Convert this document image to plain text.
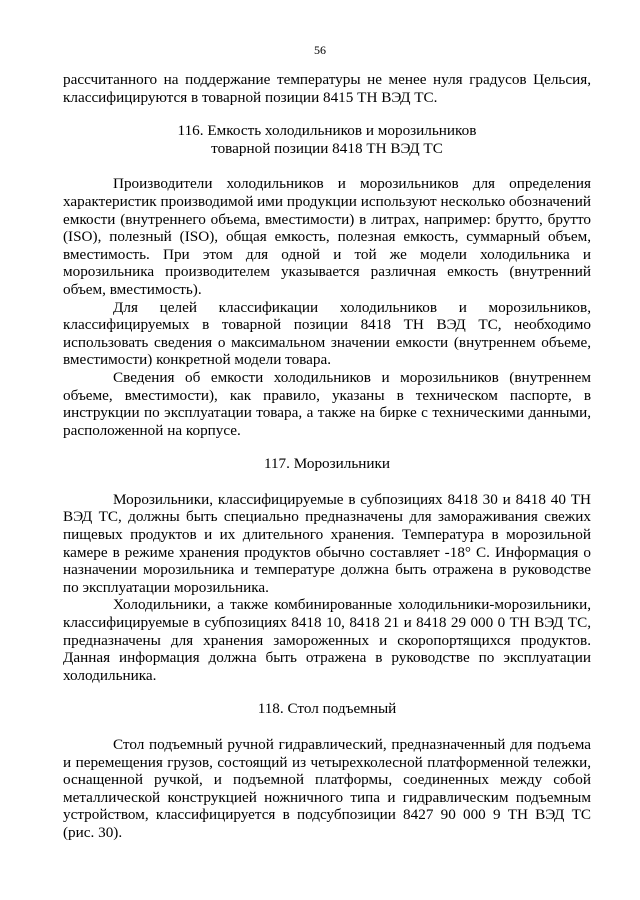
56

рассчитанного на поддержание температуры не менее нуля градусов Цельсия, классифицируются в товарной позиции 8415 ТН ВЭД ТС.

116. Емкость холодильников и морозильников

товарной позиции 8418 ТН ВЭД ТС

Производители холодильников и морозильников для определения характеристик производимой ими продукции используют несколько обозначений емкости (внутреннего объема, вместимости) в литрах, например: брутто, брутто (ISO), полезный (ISO), общая емкость, полезная емкость, суммарный объем, вместимость. При этом для одной и той же модели холодильника и морозильника производителем указывается различная емкость (внутренний объем, вместимость).

Для целей классификации холодильников и морозильников, классифицируемых в товарной позиции 8418 ТН ВЭД ТС, необходимо использовать сведения о максимальном значении емкости (внутреннем объеме, вместимости) конкретной модели товара.

Сведения об емкости холодильников и морозильников (внутреннем объеме, вместимости), как правило, указаны в техническом паспорте, в инструкции по эксплуатации товара, а также на бирке с техническими данными, расположенной на корпусе.

117. Морозильники

Морозильники, классифицируемые в субпозициях 8418 30 и 8418 40 ТН ВЭД ТС, должны быть специально предназначены для замораживания свежих пищевых продуктов и их длительного хранения. Температура в морозильной камере в режиме хранения продуктов обычно составляет -18° С. Информация о назначении морозильника и температуре должна быть отражена в руководстве по эксплуатации морозильника.

Холодильники, а также комбинированные холодильники-морозильники, классифицируемые в субпозициях 8418 10, 8418 21 и 8418 29 000 0 ТН ВЭД ТС, предназначены для хранения замороженных и скоропортящихся продуктов. Данная информация должна быть отражена в руководстве по эксплуатации холодильника.

118. Стол подъемный

Стол подъемный ручной гидравлический, предназначенный для подъема и перемещения грузов, состоящий из четырехколесной платформенной тележки, оснащенной ручкой, и подъемной платформы, соединенных между собой металлической конструкцией ножничного типа и гидравлическим подъемным устройством, классифицируется в подсубпозиции 8427 90 000 9 ТН ВЭД ТС (рис. 30).
